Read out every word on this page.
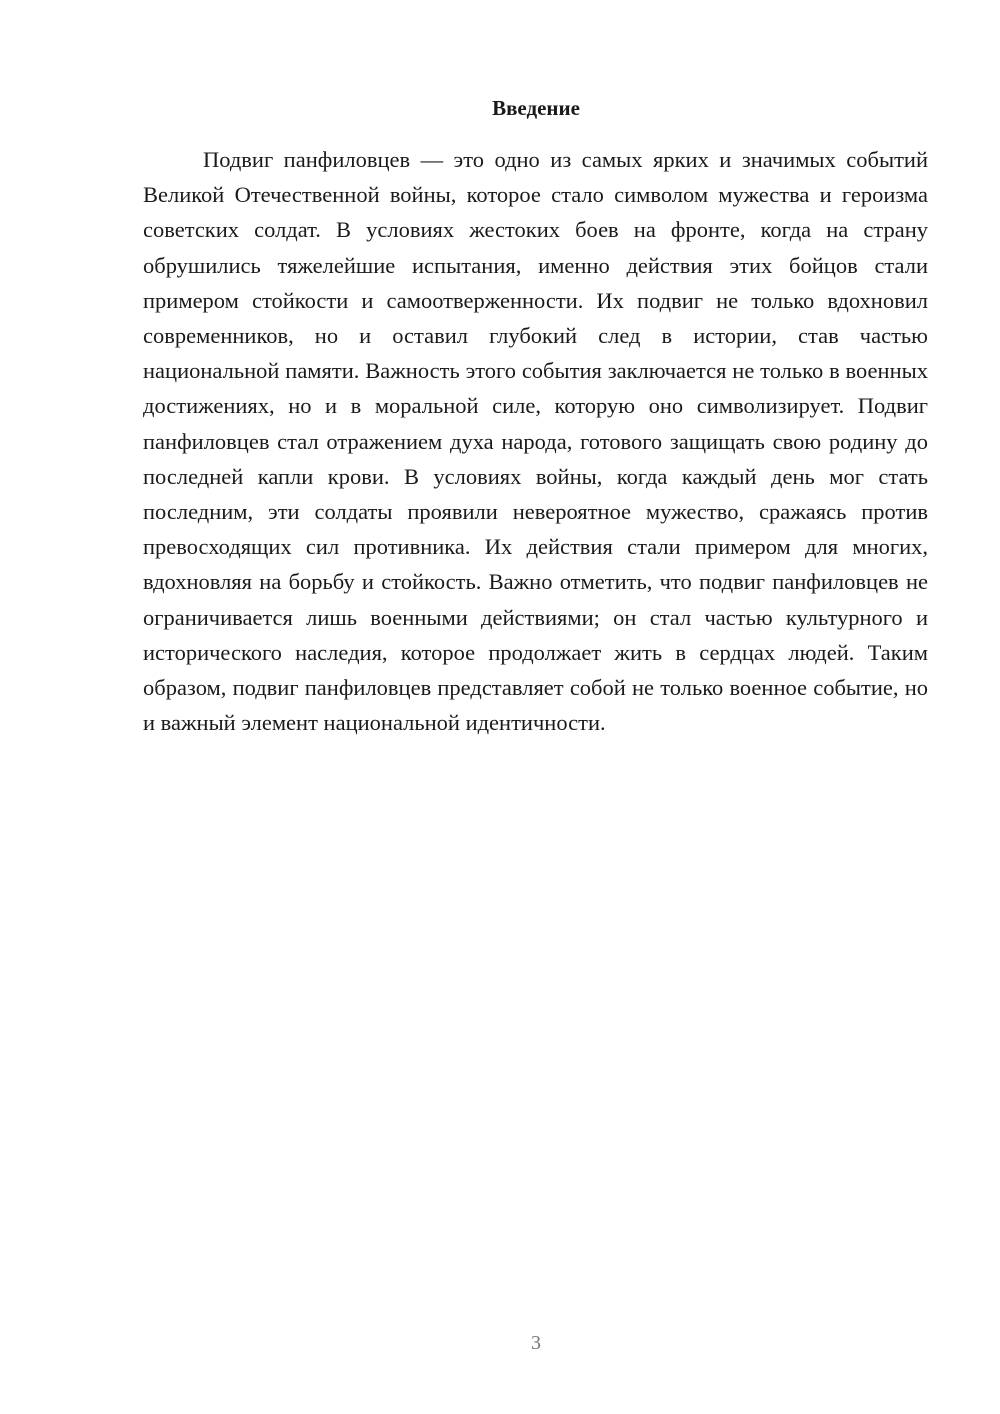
Введение

Подвиг панфиловцев — это одно из самых ярких и значимых событий Великой Отечественной войны, которое стало символом мужества и героизма советских солдат. В условиях жестоких боев на фронте, когда на страну обрушились тяжелейшие испытания, именно действия этих бойцов стали примером стойкости и самоотверженности. Их подвиг не только вдохновил современников, но и оставил глубокий след в истории, став частью национальной памяти. Важность этого события заключается не только в военных достижениях, но и в моральной силе, которую оно символизирует. Подвиг панфиловцев стал отражением духа народа, готового защищать свою родину до последней капли крови. В условиях войны, когда каждый день мог стать последним, эти солдаты проявили невероятное мужество, сражаясь против превосходящих сил противника. Их действия стали примером для многих, вдохновляя на борьбу и стойкость. Важно отметить, что подвиг панфиловцев не ограничивается лишь военными действиями; он стал частью культурного и исторического наследия, которое продолжает жить в сердцах людей. Таким образом, подвиг панфиловцев представляет собой не только военное событие, но и важный элемент национальной идентичности.

3
